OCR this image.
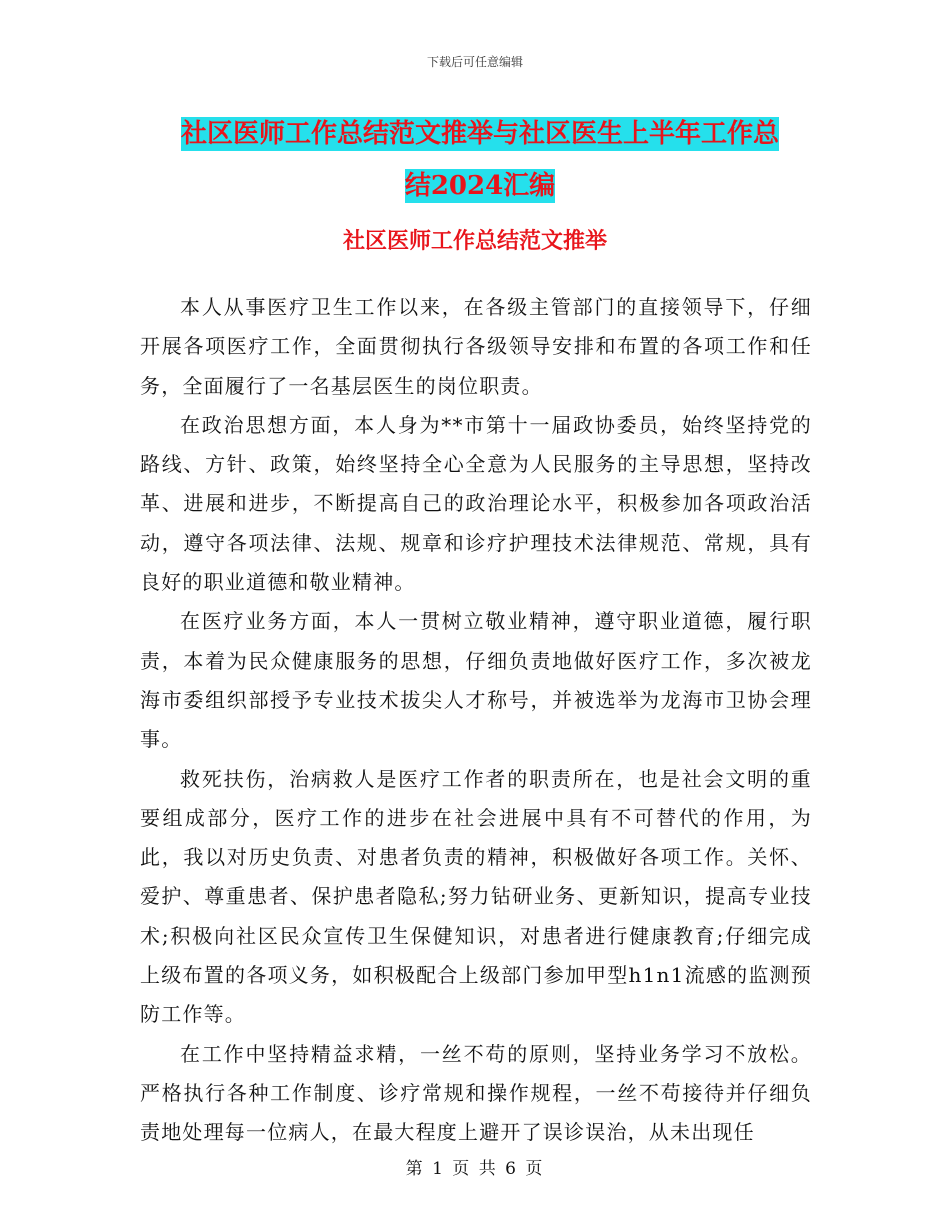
下载后可任意编辑
社区医师工作总结范文推举与社区医生上半年工作总
结2024汇编
社区医师工作总结范文推举

本人从事医疗卫生工作以来，在各级主管部门的直接领导下，仔细开展各项医疗工作，全面贯彻执行各级领导安排和布置的各项工作和任务，全面履行了一名基层医生的岗位职责。

在政治思想方面，本人身为**市第十一届政协委员，始终坚持党的路线、方针、政策，始终坚持全心全意为人民服务的主导思想，坚持改革、进展和进步，不断提高自己的政治理论水平，积极参加各项政治活动，遵守各项法律、法规、规章和诊疗护理技术法律规范、常规，具有良好的职业道德和敬业精神。

在医疗业务方面，本人一贯树立敬业精神，遵守职业道德，履行职责，本着为民众健康服务的思想，仔细负责地做好医疗工作，多次被龙海市委组织部授予专业技术拔尖人才称号，并被选举为龙海市卫协会理事。

救死扶伤，治病救人是医疗工作者的职责所在，也是社会文明的重要组成部分，医疗工作的进步在社会进展中具有不可替代的作用，为此，我以对历史负责、对患者负责的精神，积极做好各项工作。关怀、爱护、尊重患者、保护患者隐私;努力钻研业务、更新知识，提高专业技术;积极向社区民众宣传卫生保健知识，对患者进行健康教育;仔细完成上级布置的各项义务，如积极配合上级部门参加甲型h1n1流感的监测预防工作等。

在工作中坚持精益求精，一丝不苟的原则，坚持业务学习不放松。严格执行各种工作制度、诊疗常规和操作规程，一丝不苟接待并仔细负责地处理每一位病人，在最大程度上避开了误诊误治，从未出现任

第 1 页 共 6 页
